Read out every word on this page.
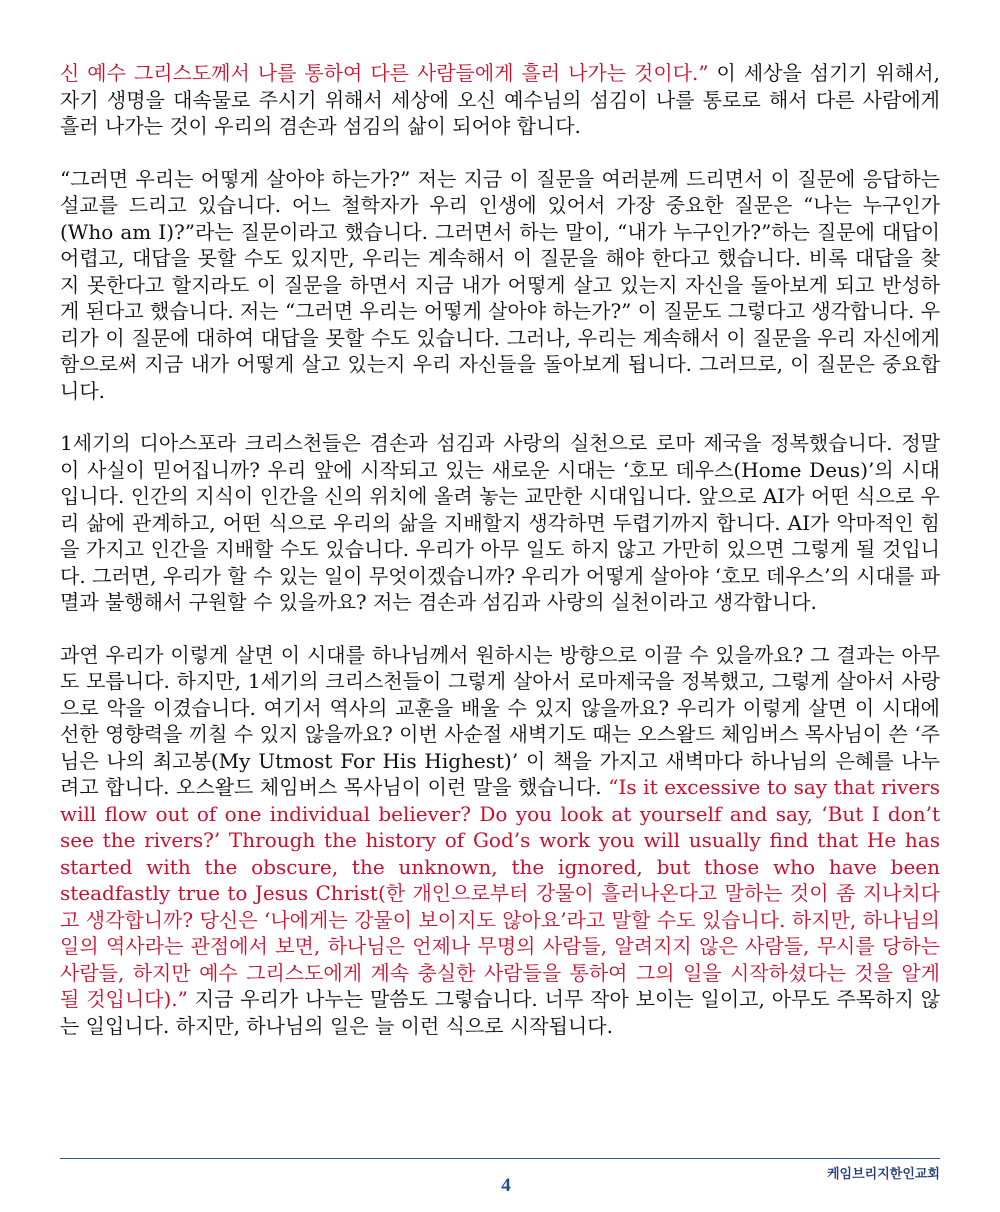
신 예수 그리스도께서 나를 통하여 다른 사람들에게 흘러 나가는 것이다.” 이 세상을 섬기기 위해서, 자기 생명을 대속물로 주시기 위해서 세상에 오신 예수님의 섬김이 나를 통로로 해서 다른 사람에게 흘러 나가는 것이 우리의 겸손과 섬김의 삶이 되어야 합니다.

“그러면 우리는 어떻게 살아야 하는가?” 저는 지금 이 질문을 여러분께 드리면서 이 질문에 응답하는 설교를 드리고 있습니다. 어느 철학자가 우리 인생에 있어서 가장 중요한 질문은 “나는 누구인가(Who am I)?”라는 질문이라고 했습니다. 그러면서 하는 말이, “내가 누구인가?”하는 질문에 대답이 어렵고, 대답을 못할 수도 있지만, 우리는 계속해서 이 질문을 해야 한다고 했습니다. 비록 대답을 찾지 못한다고 할지라도 이 질문을 하면서 지금 내가 어떻게 살고 있는지 자신을 돌아보게 되고 반성하게 된다고 했습니다. 저는 “그러면 우리는 어떻게 살아야 하는가?” 이 질문도 그렇다고 생각합니다. 우리가 이 질문에 대하여 대답을 못할 수도 있습니다. 그러나, 우리는 계속해서 이 질문을 우리 자신에게 함으로써 지금 내가 어떻게 살고 있는지 우리 자신들을 돌아보게 됩니다. 그러므로, 이 질문은 중요합니다.

1세기의 디아스포라 크리스천들은 겸손과 섬김과 사랑의 실천으로 로마 제국을 정복했습니다. 정말 이 사실이 믿어집니까? 우리 앞에 시작되고 있는 새로운 시대는 ‘호모 데우스(Home Deus)’의 시대입니다. 인간의 지식이 인간을 신의 위치에 올려 놓는 교만한 시대입니다. 앞으로 AI가 어떤 식으로 우리 삶에 관계하고, 어떤 식으로 우리의 삶을 지배할지 생각하면 두렵기까지 합니다. AI가 악마적인 힘을 가지고 인간을 지배할 수도 있습니다. 우리가 아무 일도 하지 않고 가만히 있으면 그렇게 될 것입니다. 그러면, 우리가 할 수 있는 일이 무엇이겠습니까? 우리가 어떻게 살아야 ‘호모 데우스’의 시대를 파멸과 불행해서 구원할 수 있을까요? 저는 겸손과 섬김과 사랑의 실천이라고 생각합니다.

과연 우리가 이렇게 살면 이 시대를 하나님께서 원하시는 방향으로 이끌 수 있을까요? 그 결과는 아무도 모릅니다. 하지만, 1세기의 크리스천들이 그렇게 살아서 로마제국을 정복했고, 그렇게 살아서 사랑으로 악을 이겼습니다. 여기서 역사의 교훈을 배울 수 있지 않을까요? 우리가 이렇게 살면 이 시대에 선한 영향력을 끼칠 수 있지 않을까요? 이번 사순절 새벽기도 때는 오스왈드 체임버스 목사님이 쓴 ‘주님은 나의 최고봉(My Utmost For His Highest)’ 이 책을 가지고 새벽마다 하나님의 은혜를 나누려고 합니다. 오스왈드 체임버스 목사님이 이런 말을 했습니다. “Is it excessive to say that rivers will flow out of one individual believer? Do you look at yourself and say, ‘But I don’t see the rivers?’ Through the history of God’s work you will usually find that He has started with the obscure, the unknown, the ignored, but those who have been steadfastly true to Jesus Christ(한 개인으로부터 강물이 흘러나온다고 말하는 것이 좀 지나치다고 생각합니까? 당신은 ‘나에게는 강물이 보이지도 않아요’라고 말할 수도 있습니다. 하지만, 하나님의 일의 역사라는 관점에서 보면, 하나님은 언제나 무명의 사람들, 알려지지 않은 사람들, 무시를 당하는 사람들, 하지만 예수 그리스도에게 계속 충실한 사람들을 통하여 그의 일을 시작하셨다는 것을 알게 될 것입니다).” 지금 우리가 나누는 말씀도 그렇습니다. 너무 작아 보이는 일이고, 아무도 주목하지 않는 일입니다. 하지만, 하나님의 일은 늘 이런 식으로 시작됩니다.

4
케임브리지한인교회
